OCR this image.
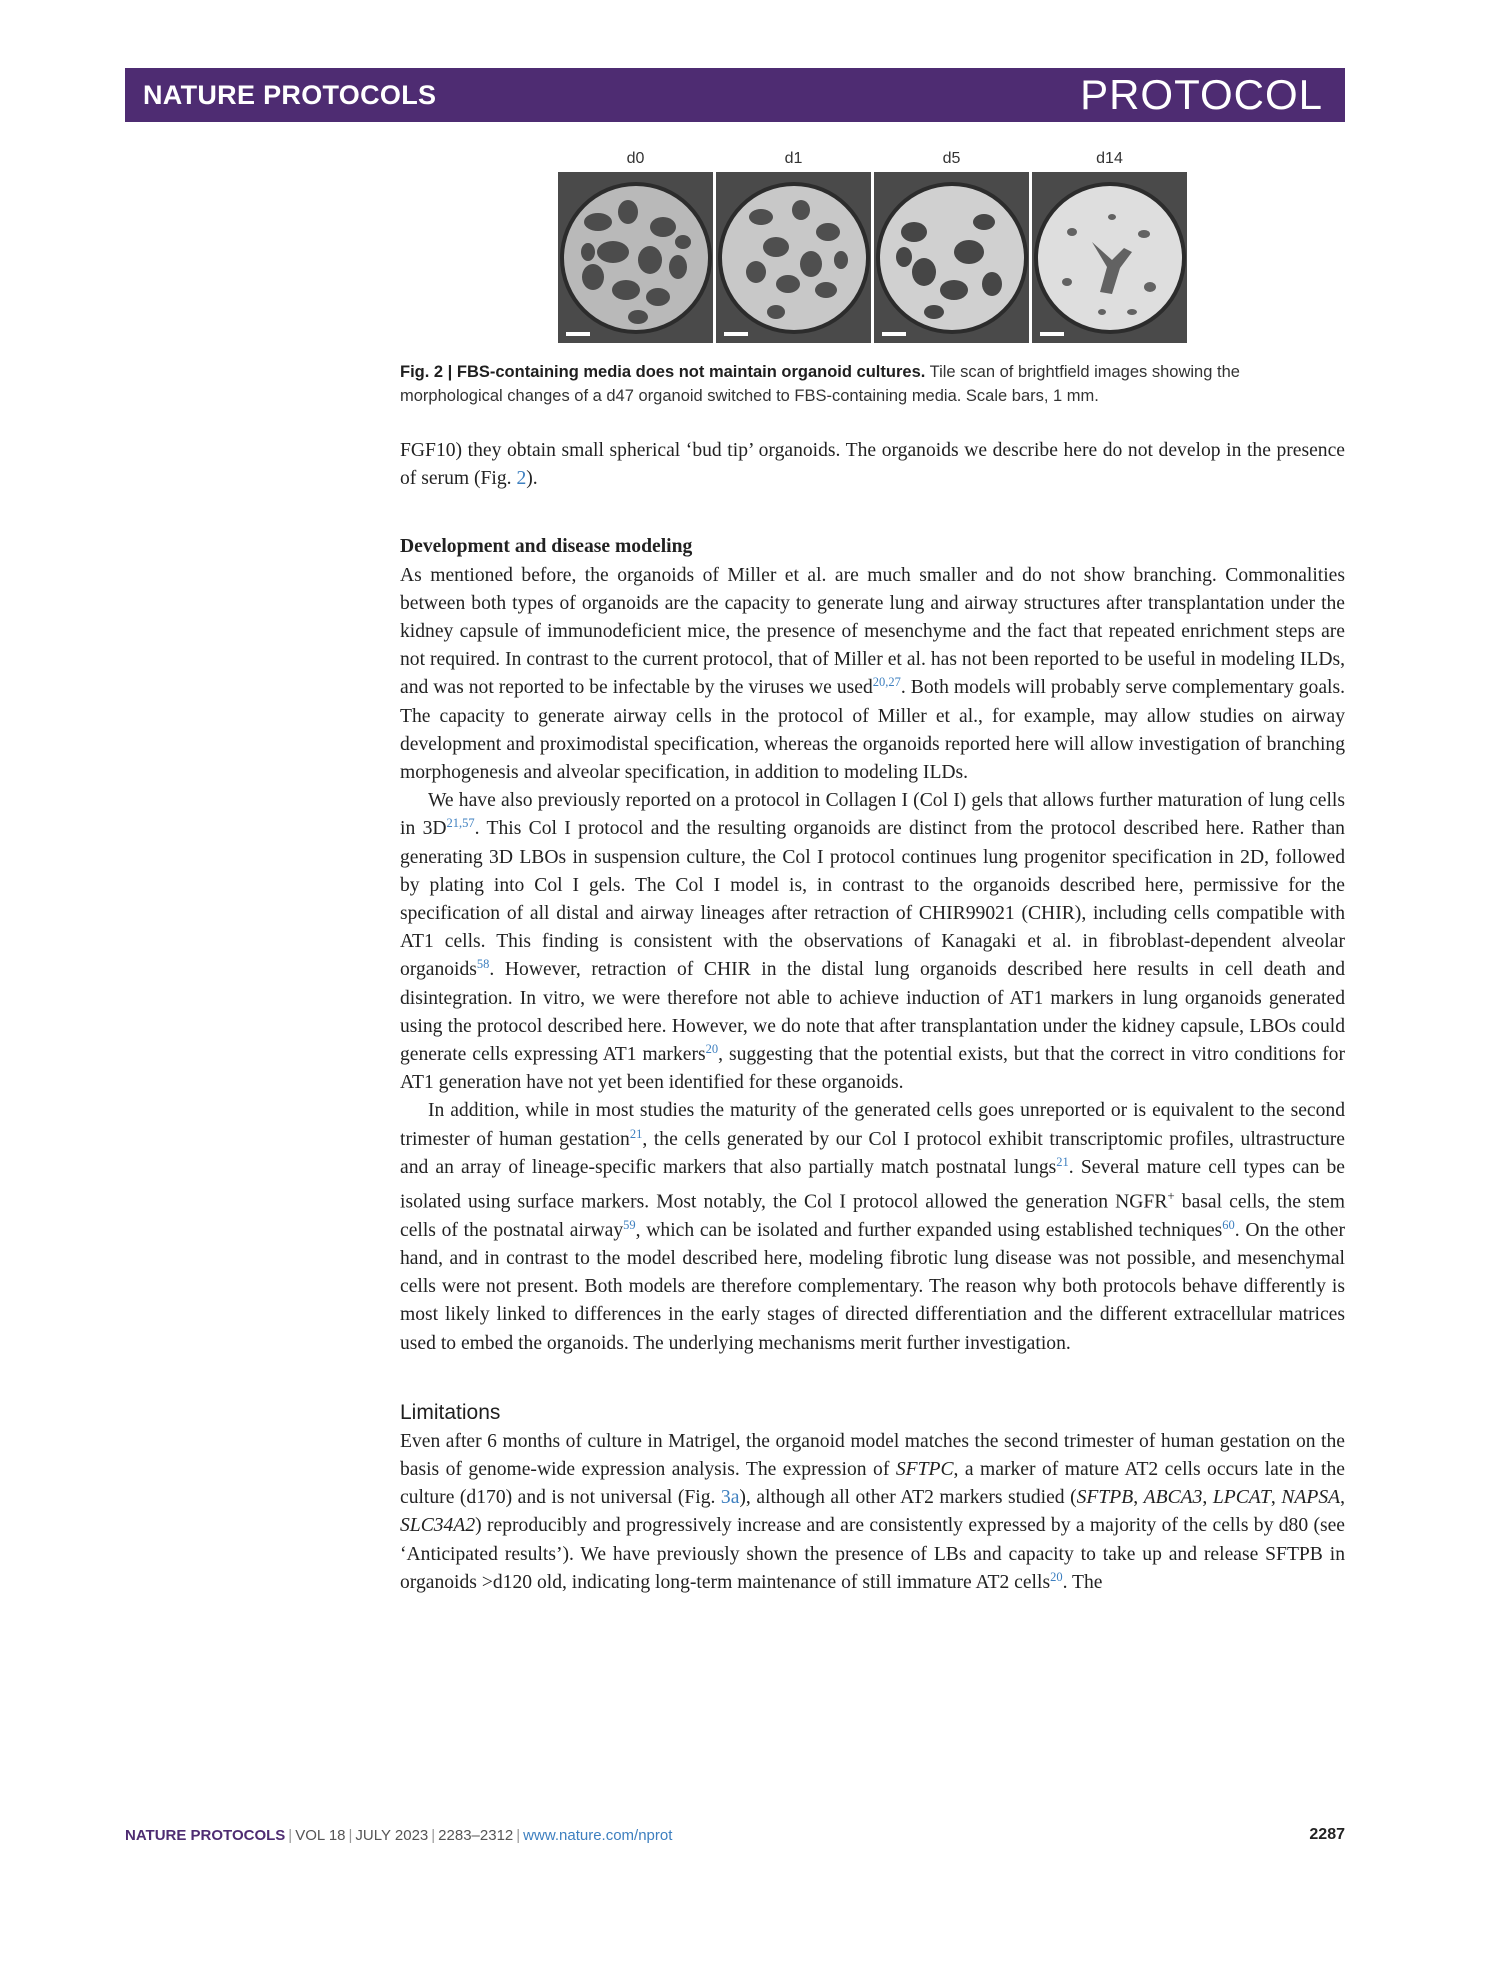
NATURE PROTOCOLS	PROTOCOL
d0	d1	d5	d14
Fig. 2 | FBS-containing media does not maintain organoid cultures. Tile scan of brightfield images showing the morphological changes of a d47 organoid switched to FBS-containing media. Scale bars, 1 mm.

FGF10) they obtain small spherical ‘bud tip’ organoids. The organoids we describe here do not develop in the presence of serum (Fig. 2).

Development and disease modeling

As mentioned before, the organoids of Miller et al. are much smaller and do not show branching. Commonalities between both types of organoids are the capacity to generate lung and airway structures after transplantation under the kidney capsule of immunodeficient mice, the presence of mesenchyme and the fact that repeated enrichment steps are not required. In contrast to the current protocol, that of Miller et al. has not been reported to be useful in modeling ILDs, and was not reported to be infectable by the viruses we used$^{20,27}$. Both models will probably serve complementary goals. The capacity to generate airway cells in the protocol of Miller et al., for example, may allow studies on airway development and proximodistal specification, whereas the organoids reported here will allow investigation of branching morphogenesis and alveolar specification, in addition to modeling ILDs.

We have also previously reported on a protocol in Collagen I (Col I) gels that allows further maturation of lung cells in 3D$^{21,57}$. This Col I protocol and the resulting organoids are distinct from the protocol described here. Rather than generating 3D LBOs in suspension culture, the Col I protocol continues lung progenitor specification in 2D, followed by plating into Col I gels. The Col I model is, in contrast to the organoids described here, permissive for the specification of all distal and airway lineages after retraction of CHIR99021 (CHIR), including cells compatible with AT1 cells. This finding is consistent with the observations of Kanagaki et al. in fibroblast-dependent alveolar organoids$^{58}$. However, retraction of CHIR in the distal lung organoids described here results in cell death and disintegration. In vitro, we were therefore not able to achieve induction of AT1 markers in lung organoids generated using the protocol described here. However, we do note that after transplantation under the kidney capsule, LBOs could generate cells expressing AT1 markers$^{20}$, suggesting that the potential exists, but that the correct in vitro conditions for AT1 generation have not yet been identified for these organoids.

In addition, while in most studies the maturity of the generated cells goes unreported or is equivalent to the second trimester of human gestation$^{21}$, the cells generated by our Col I protocol exhibit transcriptomic profiles, ultrastructure and an array of lineage-specific markers that also partially match postnatal lungs$^{21}$. Several mature cell types can be isolated using surface markers. Most notably, the Col I protocol allowed the generation NGFR+ basal cells, the stem cells of the postnatal airway$^{59}$, which can be isolated and further expanded using established techniques$^{60}$. On the other hand, and in contrast to the model described here, modeling fibrotic lung disease was not possible, and mesenchymal cells were not present. Both models are therefore complementary. The reason why both protocols behave differently is most likely linked to differences in the early stages of directed differentiation and the different extracellular matrices used to embed the organoids. The underlying mechanisms merit further investigation.

Limitations

Even after 6 months of culture in Matrigel, the organoid model matches the second trimester of human gestation on the basis of genome-wide expression analysis. The expression of SFTPC, a marker of mature AT2 cells occurs late in the culture (d170) and is not universal (Fig. 3a), although all other AT2 markers studied (SFTPB, ABCA3, LPCAT, NAPSA, SLC34A2) reproducibly and progressively increase and are consistently expressed by a majority of the cells by d80 (see ‘Anticipated results’). We have previously shown the presence of LBs and capacity to take up and release SFTPB in organoids >d120 old, indicating long-term maintenance of still immature AT2 cells$^{20}$. The

NATURE PROTOCOLS | VOL 18 | JULY 2023 | 2283–2312 | www.nature.com/nprot	2287
